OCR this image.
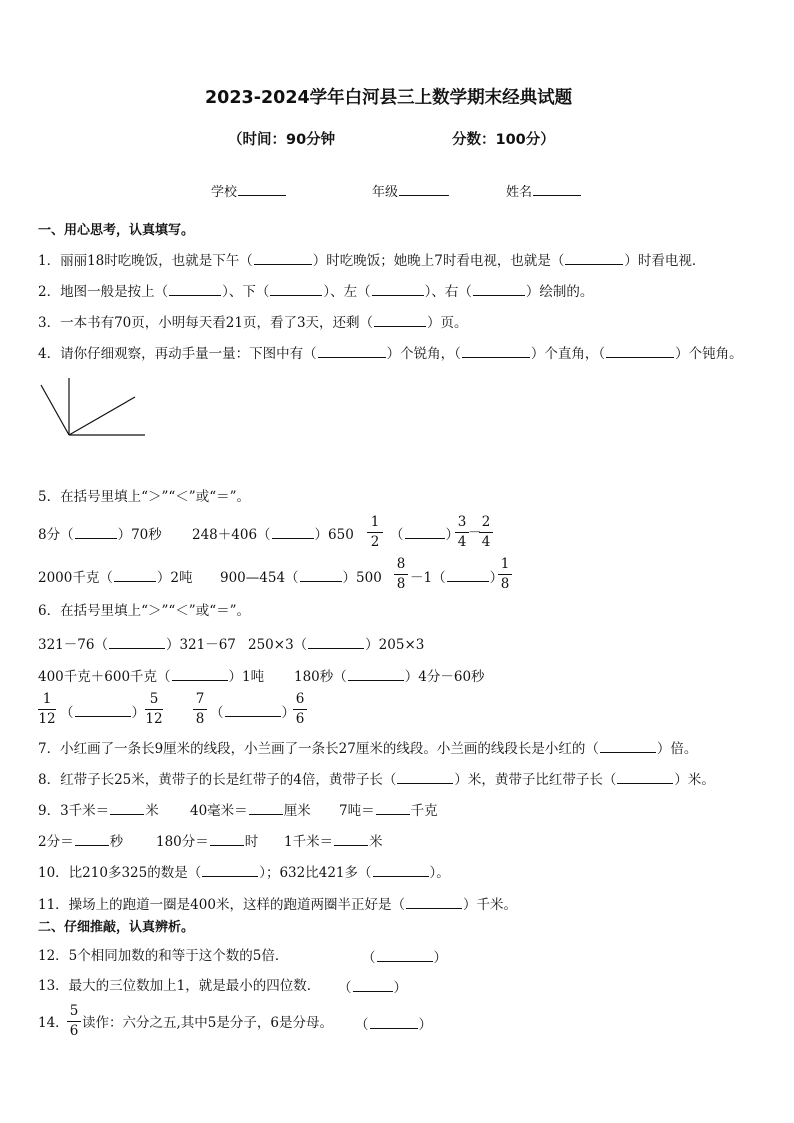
2023-2024学年白河县三上数学期末经典试题
（时间：90分钟	分数：100分）
学校	年级	姓名
一、用心思考，认真填写。
1．丽丽18时吃晚饭，也就是下午（	）时吃晚饭；她晚上7时看电视，也就是（	）时看电视．
2．地图一般是按上（	）、下（	）、左（	）、右（	）绘制的。
3．一本书有70页，小明每天看21页，看了3天，还剩（	）页。
4．请你仔细观察，再动手量一量：下图中有（	）个锐角，（	）个直角，（	）个钝角。
5．在括号里填上“＞”“＜”或“＝”。
8分（	）70秒 248＋406（	）650
1
2 （	）
3
4
－
2
4
2000千克（	）2吨 900—454（	）500
8
8 －1（	）
1
8
6．在括号里填上“＞”“＜”或“＝”。
321－76（	）321－67 250×3（	）205×3
400千克＋600千克（	）1吨 180秒（	）4分－60秒
1
12 （	）
5
12
7
8 （	）
6
6
7．小红画了一条长9厘米的线段，小兰画了一条长27厘米的线段。小兰画的线段长是小红的（	）倍。
8．红带子长25米，黄带子的长是红带子的4倍，黄带子长（	）米，黄带子比红带子长（	）米。
9．3千米＝	米 40毫米＝	厘米 7吨＝	千克
2分＝	秒 180分＝	时 1千米＝	米
10．比210多325的数是（	）；632比421多（	）。
11．操场上的跑道一圈是400米，这样的跑道两圈半正好是（	）千米。
二、仔细推敲，认真辨析。
12．5个相同加数的和等于这个数的5倍．	（	）
13．最大的三位数加上1，就是最小的四位数． （	）
14．
5
6 读作：六分之五,其中5是分子，6是分母。 （	）
